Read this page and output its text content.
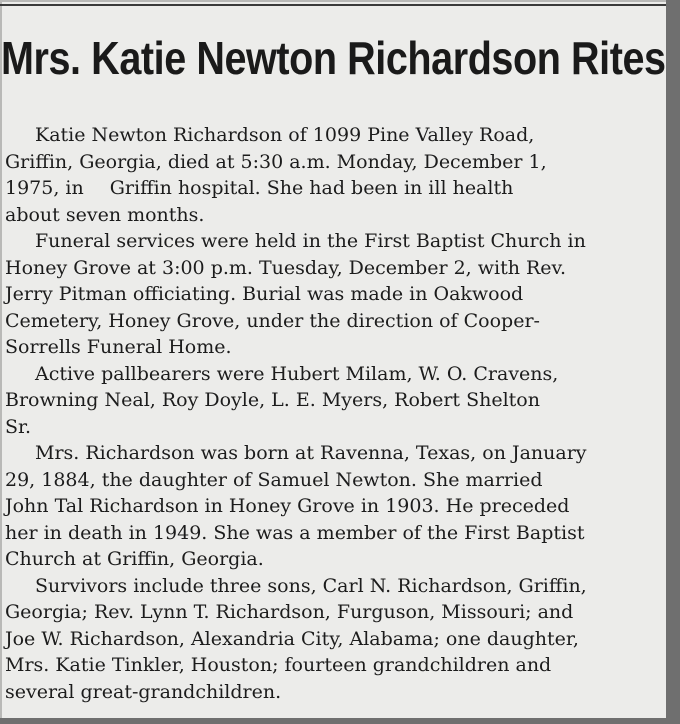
Mrs. Katie Newton Richardson Rites
Katie Newton Richardson of 1099 Pine Valley Road,
Griffin, Georgia, died at 5:30 a.m. Monday, December 1,
1975, in Griffin hospital. She had been in ill health
about seven months.
Funeral services were held in the First Baptist Church in
Honey Grove at 3:00 p.m. Tuesday, December 2, with Rev.
Jerry Pitman officiating. Burial was made in Oakwood
Cemetery, Honey Grove, under the direction of Cooper-
Sorrells Funeral Home.
Active pallbearers were Hubert Milam, W. O. Cravens,
Browning Neal, Roy Doyle, L. E. Myers, Robert Shelton
Sr.
Mrs. Richardson was born at Ravenna, Texas, on January
29, 1884, the daughter of Samuel Newton. She married
John Tal Richardson in Honey Grove in 1903. He preceded
her in death in 1949. She was a member of the First Baptist
Church at Griffin, Georgia.
Survivors include three sons, Carl N. Richardson, Griffin,
Georgia; Rev. Lynn T. Richardson, Furguson, Missouri; and
Joe W. Richardson, Alexandria City, Alabama; one daughter,
Mrs. Katie Tinkler, Houston; fourteen grandchildren and
several great-grandchildren.
